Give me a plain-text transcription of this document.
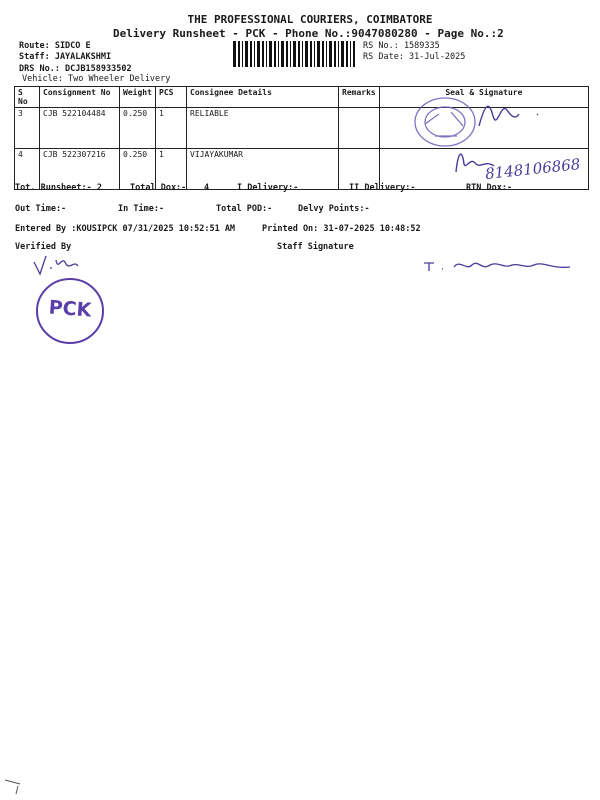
THE PROFESSIONAL COURIERS, COIMBATORE
Delivery Runsheet - PCK - Phone No.:9047080280 - Page No.:2
Route: SIDCO E
Staff: JAYALAKSHMI
DRS No.: DCJB158933502
Vehicle: Two Wheeler Delivery
RS No.: 1589335
RS Date: 31-Jul-2025
S No	Consignment No	Weight	PCS	Consignee Details	Remarks	Seal & Signature
3	CJB 522104484	0.250	1	RELIABLE		
4	CJB 522307216	0.250	1	VIJAYAKUMAR		
8148106868
Tot. Runsheet:- 2	Total Dox:- 4	I Delivery:-	II Delivery:-	RTN Dox:-
Out Time:-	In Time:-	Total POD:-	Delvy Points:-
Entered By :KOUSIPCK 07/31/2025 10:52:51 AM	Printed On: 31-07-2025 10:48:52
Verified By	Staff Signature
PCK
